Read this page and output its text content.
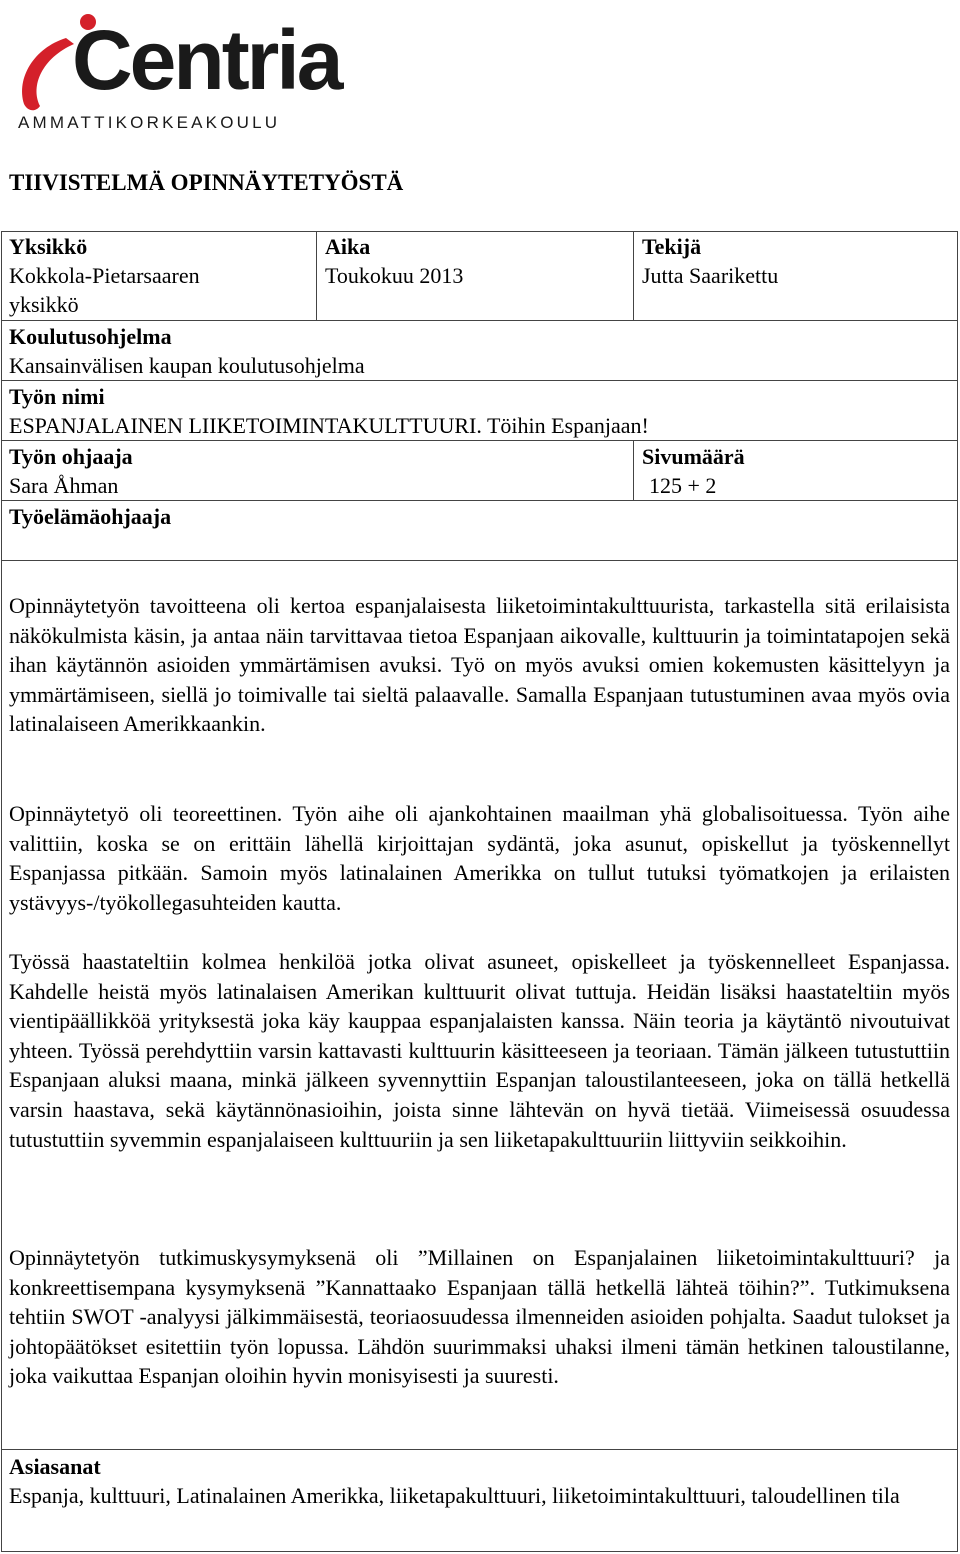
Centria
AMMATTIKORKEAKOULU
TIIVISTELMÄ OPINNÄYTETYÖSTÄ
Yksikkö
Kokkola-Pietarsaaren
yksikkö
Aika
Toukokuu 2013
Tekijä
Jutta Saarikettu
Koulutusohjelma
Kansainvälisen kaupan koulutusohjelma
Työn nimi
ESPANJALAINEN LIIKETOIMINTAKULTTUURI. Töihin Espanjaan!
Työn ohjaaja
Sara Åhman
Sivumäärä
125 + 2
Työelämäohjaaja

Opinnäytetyön tavoitteena oli kertoa espanjalaisesta liiketoimintakulttuurista, tarkastella sitä erilaisista näkökulmista käsin, ja antaa näin tarvittavaa tietoa Espanjaan aikovalle, kulttuurin ja toimintatapojen sekä ihan käytännön asioiden ymmärtämisen avuksi. Työ on myös avuksi omien kokemusten käsittelyyn ja ymmärtämiseen, siellä jo toimivalle tai sieltä palaavalle. Samalla Espanjaan tutustuminen avaa myös ovia latinalaiseen Amerikkaankin.

Opinnäytetyö oli teoreettinen. Työn aihe oli ajankohtainen maailman yhä globalisoituessa. Työn aihe valittiin, koska se on erittäin lähellä kirjoittajan sydäntä, joka asunut, opiskellut ja työskennellyt Espanjassa pitkään. Samoin myös latinalainen Amerikka on tullut tutuksi työmatkojen ja erilaisten ystävyys-/työkollegasuhteiden kautta.

Työssä haastateltiin kolmea henkilöä jotka olivat asuneet, opiskelleet ja työskennelleet Espanjassa. Kahdelle heistä myös latinalaisen Amerikan kulttuurit olivat tuttuja. Heidän lisäksi haastateltiin myös vientipäällikköä yrityksestä joka käy kauppaa espanjalaisten kanssa. Näin teoria ja käytäntö nivoutuivat yhteen. Työssä perehdyttiin varsin kattavasti kulttuurin käsitteeseen ja teoriaan. Tämän jälkeen tutustuttiin Espanjaan aluksi maana, minkä jälkeen syvennyttiin Espanjan taloustilanteeseen, joka on tällä hetkellä varsin haastava, sekä käytännönasioihin, joista sinne lähtevän on hyvä tietää. Viimeisessä osuudessa tutustuttiin syvemmin espanjalaiseen kulttuuriin ja sen liiketapakulttuuriin liittyviin seikkoihin.

Opinnäytetyön tutkimuskysymyksenä oli ”Millainen on Espanjalainen liiketoimintakulttuuri? ja konkreettisempana kysymyksenä ”Kannattaako Espanjaan tällä hetkellä lähteä töihin?”. Tutkimuksena tehtiin SWOT -analyysi jälkimmäisestä, teoriaosuudessa ilmenneiden asioiden pohjalta. Saadut tulokset ja johtopäätökset esitettiin työn lopussa. Lähdön suurimmaksi uhaksi ilmeni tämän hetkinen taloustilanne, joka vaikuttaa Espanjan oloihin hyvin monisyisesti ja suuresti.

Asiasanat

Espanja, kulttuuri, Latinalainen Amerikka, liiketapakulttuuri, liiketoimintakulttuuri, taloudellinen tila
